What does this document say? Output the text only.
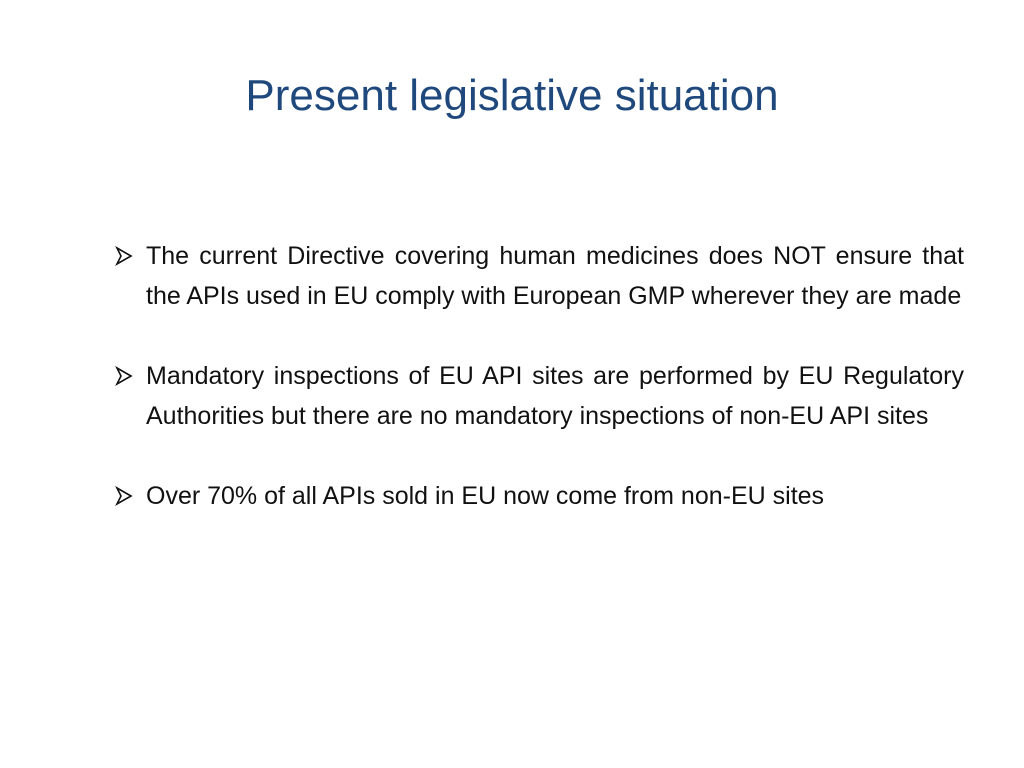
Present legislative situation
The current Directive covering human medicines does NOT ensure that the APIs used in EU comply with European GMP wherever they are made
Mandatory inspections of EU API sites are performed by EU Regulatory Authorities but there are no mandatory inspections of non-EU API sites
Over 70% of all APIs sold in EU now come from non-EU sites
